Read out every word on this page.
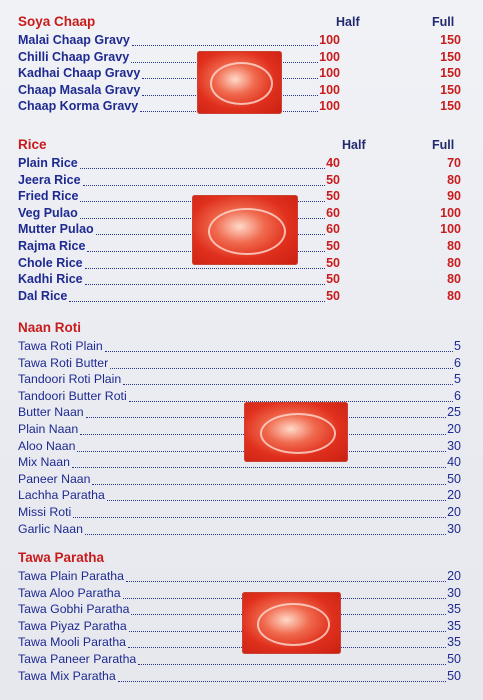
Soya Chaap	Half	Full
Malai Chaap Gravy	100	150
Chilli Chaap Gravy	100	150
Kadhai Chaap Gravy	100	150
Chaap Masala Gravy	100	150
Chaap Korma Gravy	100	150
Rice	Half	Full
Plain Rice	40	70
Jeera Rice	50	80
Fried Rice	50	90
Veg Pulao	60	100
Mutter Pulao	60	100
Rajma Rice	50	80
Chole Rice	50	80
Kadhi Rice	50	80
Dal Rice	50	80
Naan Roti
Tawa Roti Plain	5
Tawa Roti Butter	6
Tandoori Roti Plain	5
Tandoori Butter Roti	6
Butter Naan	25
Plain Naan	20
Aloo Naan	30
Mix Naan	40
Paneer Naan	50
Lachha Paratha	20
Missi Roti	20
Garlic Naan	30
Tawa Paratha
Tawa Plain Paratha	20
Tawa Aloo Paratha	30
Tawa Gobhi Paratha	35
Tawa Piyaz Paratha	35
Tawa Mooli Paratha	35
Tawa Paneer Paratha	50
Tawa Mix Paratha	50
